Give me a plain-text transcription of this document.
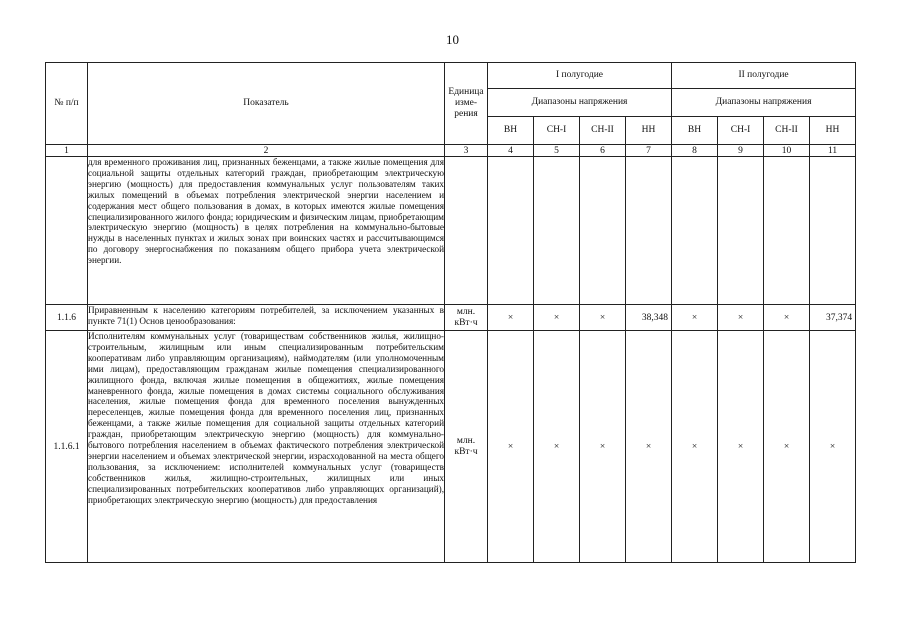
10
№ п/п	Показатель	Единица изме-рения	I полугодие				II полугодие			
			Диапазоны напряжения				Диапазоны напряжения			
			ВН	СН-I	СН-II	НН	ВН	СН-I	СН-II	НН
1	2	3	4	5	6	7	8	9	10	11

	для временного проживания лиц, признанных беженцами, а также жилые помещения для социальной защиты отдельных категорий граждан, приобретающим электрическую энергию (мощность) для предоставления коммунальных услуг пользователям таких жилых помещений в объемах потребления электрической энергии населением и содержания мест общего пользования в домах, в которых имеются жилые помещения специализированного жилого фонда; юридическим и физическим лицам, приобретающим электрическую энергию (мощность) в целях потребления на коммунально-бытовые нужды в населенных пунктах и жилых зонах при воинских частях и рассчитывающимся по договору энергоснабжения по показаниям общего прибора учета электрической энергии.									

1.1.6	Приравненным к населению категориям потребителей, за исключением указанных в пункте 71(1) Основ ценообразования:	млн. кВт·ч	×	×	×	38,348	×	×	×	37,374
1.1.6.1	Исполнителям коммунальных услуг (товариществам собственников жилья, жилищно-строительным, жилищным или иным специализированным потребительским кооперативам либо управляющим организациям), наймодателям (или уполномоченным ими лицам), предоставляющим гражданам жилые помещения специализированного жилищного фонда, включая жилые помещения в общежитиях, жилые помещения маневренного фонда, жилые помещения в домах системы социального обслуживания населения, жилые помещения фонда для временного поселения вынужденных переселенцев, жилые помещения фонда для временного поселения лиц, признанных беженцами, а также жилые помещения для социальной защиты отдельных категорий граждан, приобретающим электрическую энергию (мощность) для коммунально-бытового потребления населением в объемах фактического потребления электрической энергии населением и объемах электрической энергии, израсходованной на места общего пользования, за исключением: исполнителей коммунальных услуг (товариществ собственников жилья, жилищно-строительных, жилищных или иных специализированных потребительских кооперативов либо управляющих организаций), приобретающих электрическую энергию (мощность) для предоставления	млн. кВт·ч	×	×	×	×	×	×	×	×
